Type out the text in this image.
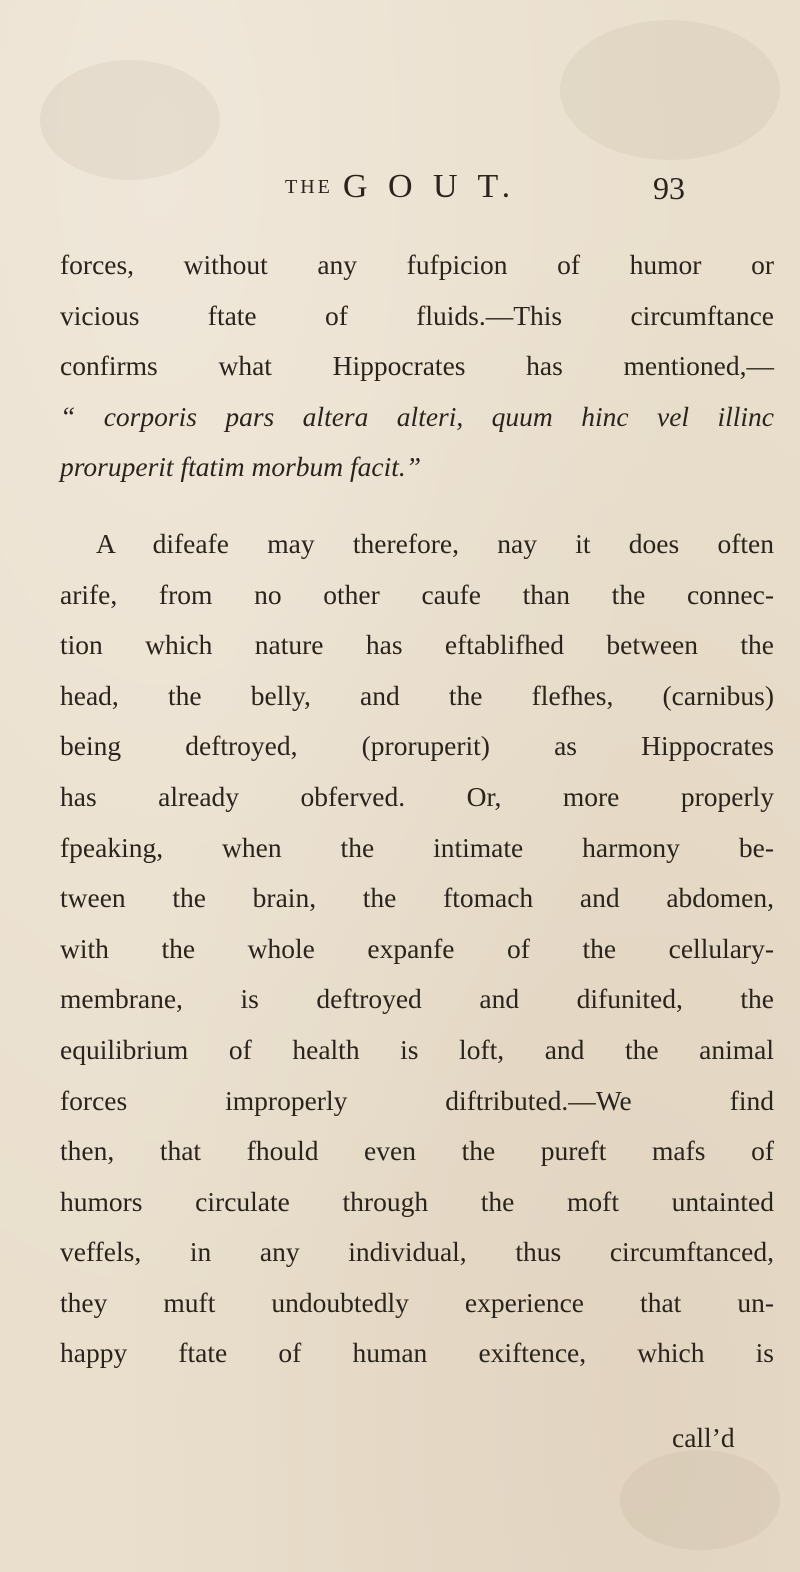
THE G O U T.	93
forces, without any fufpicion of humor or
vicious ftate of fluids.—This circumftance
confirms what Hippocrates has mentioned,—
“ corporis pars altera alteri, quum hinc vel illinc
proruperit ftatim morbum facit.”
A difeafe may therefore, nay it does often
arife, from no other caufe than the connec-
tion which nature has eftablifhed between the
head, the belly, and the flefhes, (carnibus)
being deftroyed, (proruperit) as Hippocrates
has already obferved. Or, more properly
fpeaking, when the intimate harmony be-
tween the brain, the ftomach and abdomen,
with the whole expanfe of the cellulary-
membrane, is deftroyed and difunited, the
equilibrium of health is loft, and the animal
forces improperly diftributed.—We find
then, that fhould even the pureft mafs of
humors circulate through the moft untainted
veffels, in any individual, thus circumftanced,
they muft undoubtedly experience that un-
happy ftate of human exiftence, which is
call’d
